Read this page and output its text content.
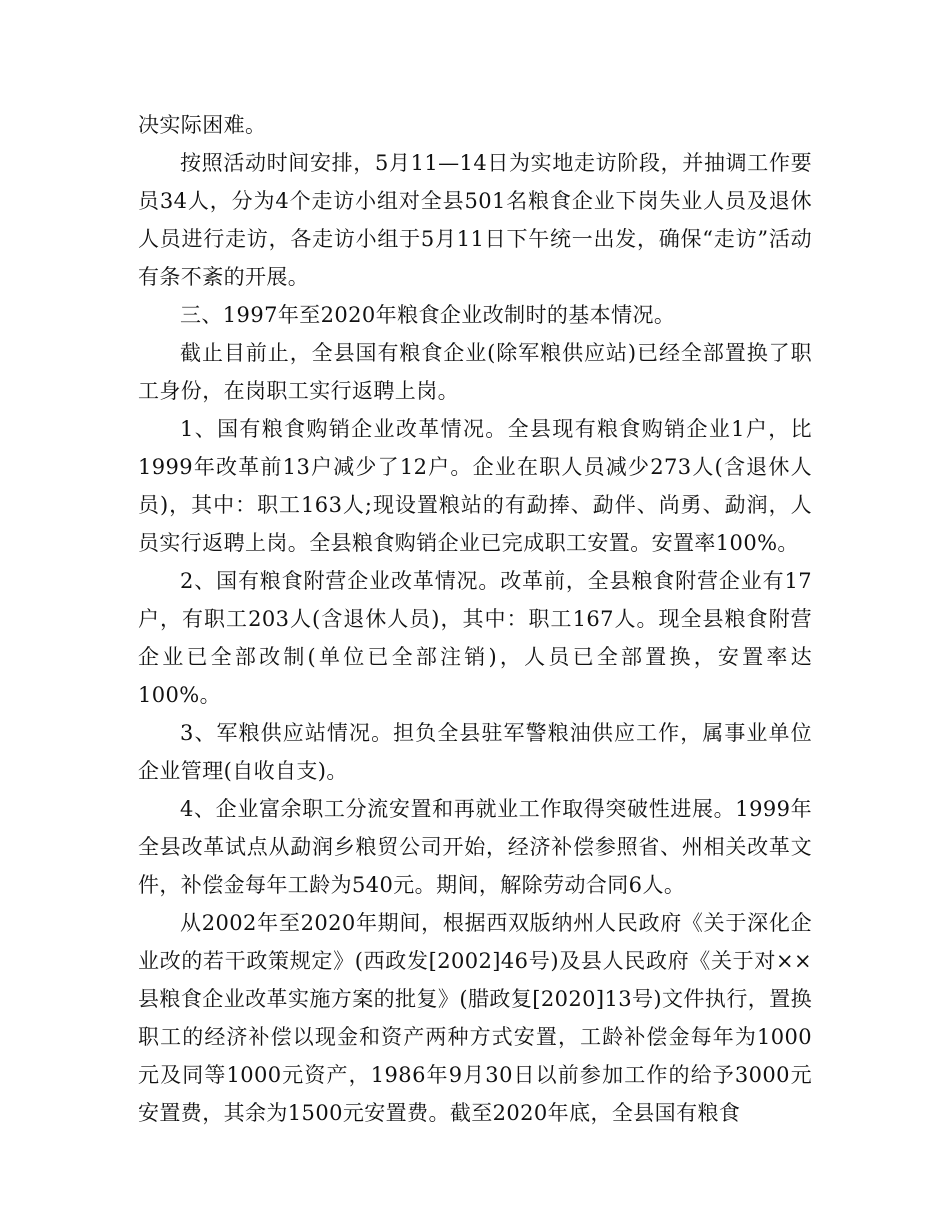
决实际困难。

按照活动时间安排，5月11—14日为实地走访阶段，并抽调工作要员34人，分为4个走访小组对全县501名粮食企业下岗失业人员及退休人员进行走访，各走访小组于5月11日下午统一出发，确保“走访”活动有条不紊的开展。

三、1997年至2020年粮食企业改制时的基本情况。

截止目前止，全县国有粮食企业(除军粮供应站)已经全部置换了职工身份，在岗职工实行返聘上岗。

1、国有粮食购销企业改革情况。全县现有粮食购销企业1户，比1999年改革前13户减少了12户。企业在职人员减少273人(含退休人员)，其中：职工163人;现设置粮站的有勐捧、勐伴、尚勇、勐润，人员实行返聘上岗。全县粮食购销企业已完成职工安置。安置率100%。

2、国有粮食附营企业改革情况。改革前，全县粮食附营企业有17户，有职工203人(含退休人员)，其中：职工167人。现全县粮食附营企业已全部改制(单位已全部注销)，人员已全部置换，安置率达100%。

3、军粮供应站情况。担负全县驻军警粮油供应工作，属事业单位企业管理(自收自支)。

4、企业富余职工分流安置和再就业工作取得突破性进展。1999年全县改革试点从勐润乡粮贸公司开始，经济补偿参照省、州相关改革文件，补偿金每年工龄为540元。期间，解除劳动合同6人。

从2002年至2020年期间，根据西双版纳州人民政府《关于深化企业改的若干政策规定》(西政发[2002]46号)及县人民政府《关于对××县粮食企业改革实施方案的批复》(腊政复[2020]13号)文件执行，置换职工的经济补偿以现金和资产两种方式安置，工龄补偿金每年为1000元及同等1000元资产，1986年9月30日以前参加工作的给予3000元安置费，其余为1500元安置费。截至2020年底，全县国有粮食
